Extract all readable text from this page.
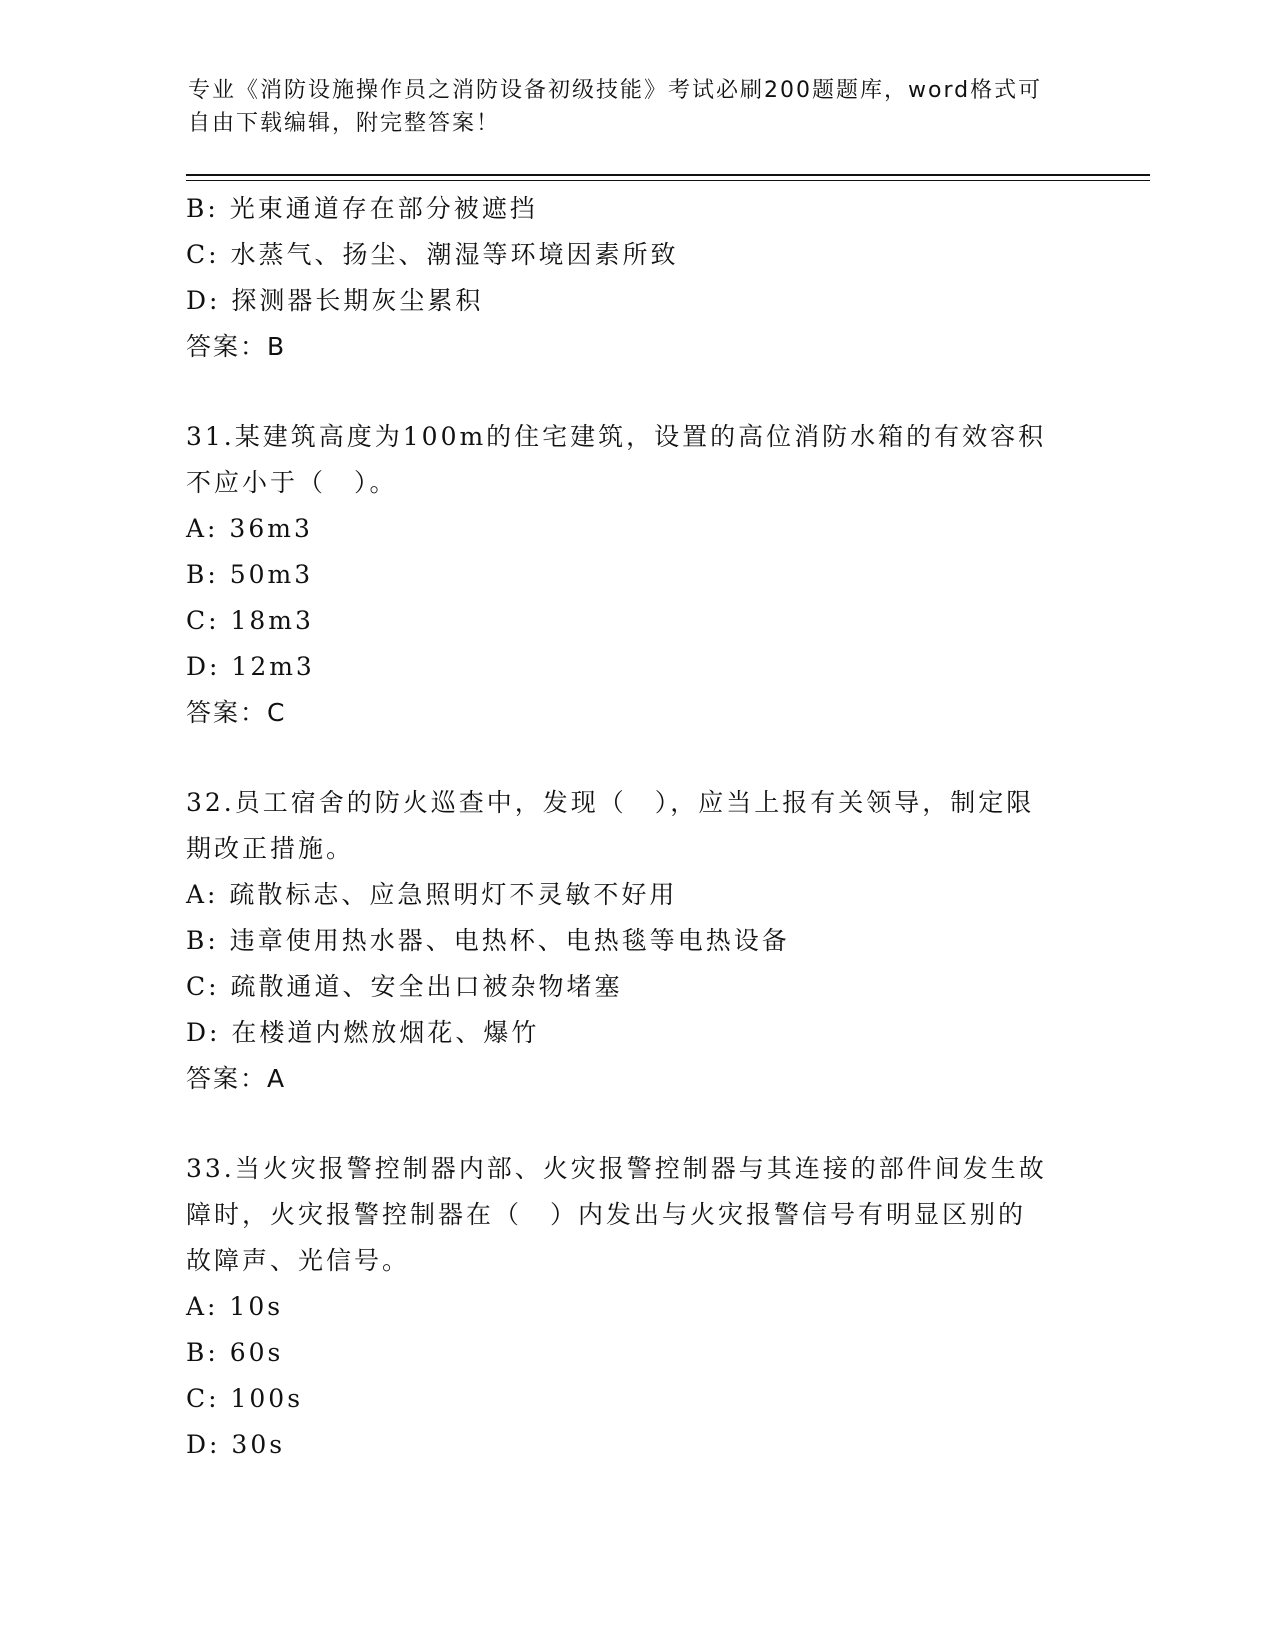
专业《消防设施操作员之消防设备初级技能》考试必刷200题题库，word格式可
自由下载编辑，附完整答案！
B: 光束通道存在部分被遮挡
C: 水蒸气、扬尘、潮湿等环境因素所致
D: 探测器长期灰尘累积
答案：B
31.某建筑高度为100m的住宅建筑，设置的高位消防水箱的有效容积
不应小于（　）。
A: 36m3
B: 50m3
C: 18m3
D: 12m3
答案：C
32.员工宿舍的防火巡查中，发现（　），应当上报有关领导，制定限
期改正措施。
A: 疏散标志、应急照明灯不灵敏不好用
B: 违章使用热水器、电热杯、电热毯等电热设备
C: 疏散通道、安全出口被杂物堵塞
D: 在楼道内燃放烟花、爆竹
答案：A
33.当火灾报警控制器内部、火灾报警控制器与其连接的部件间发生故
障时，火灾报警控制器在（　）内发出与火灾报警信号有明显区别的
故障声、光信号。
A: 10s
B: 60s
C: 100s
D: 30s
